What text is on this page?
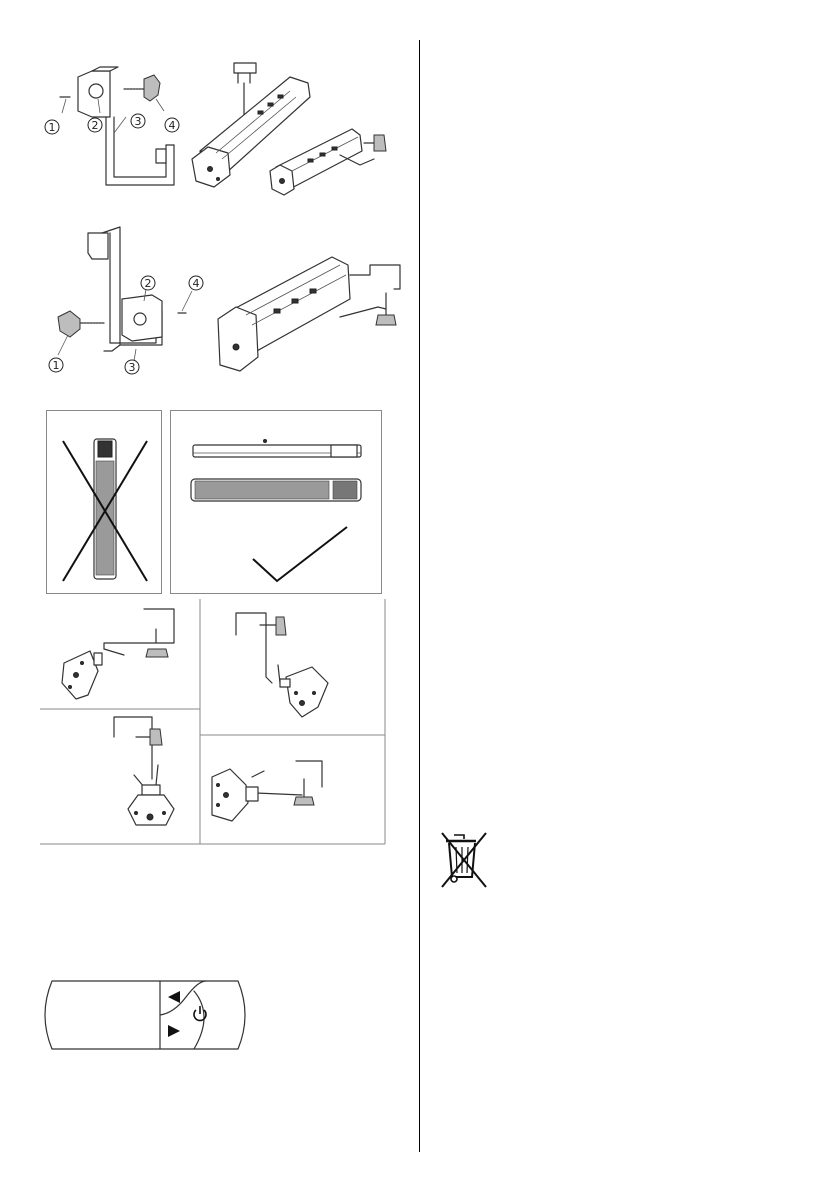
1	2	3 4
1
2
3
4
